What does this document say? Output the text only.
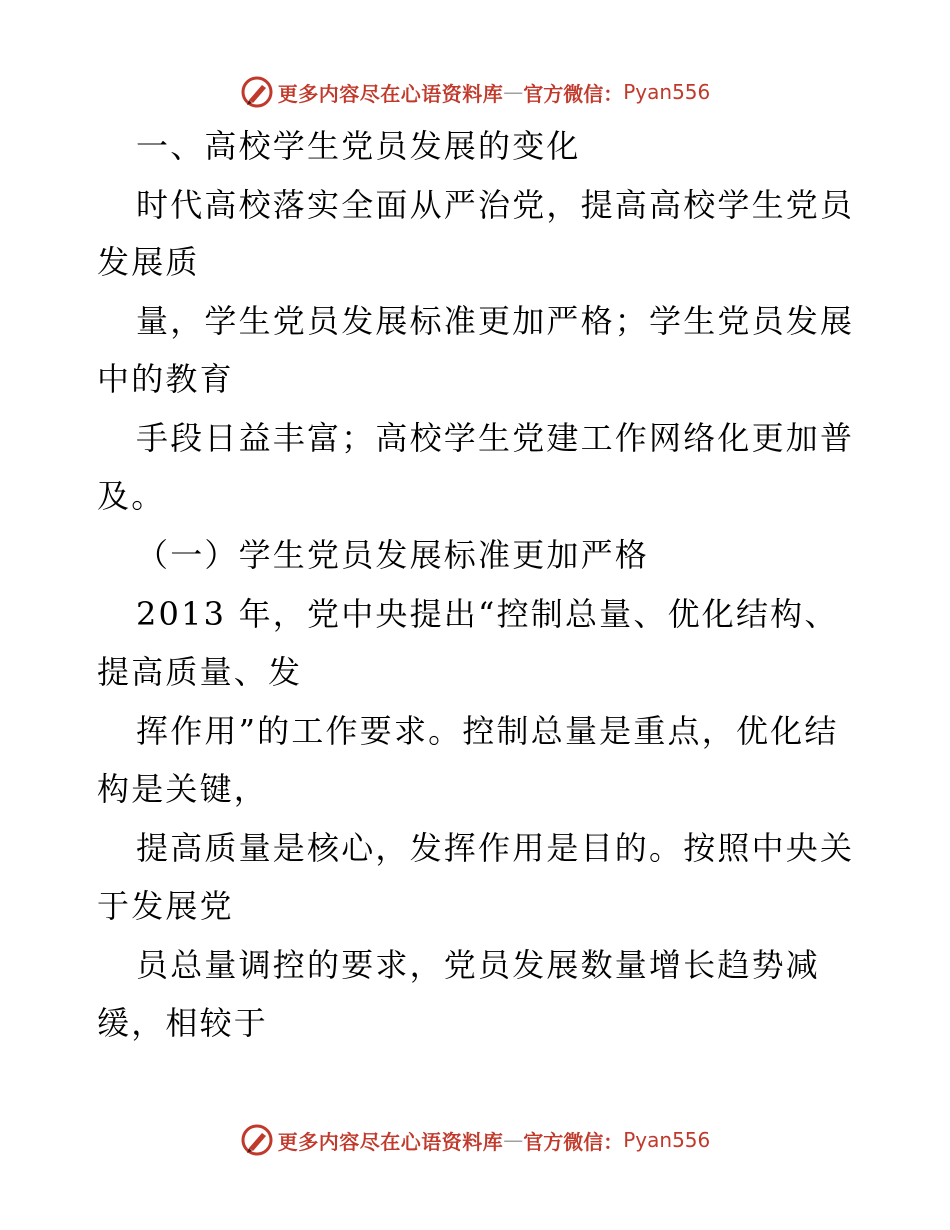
更多内容尽在心语资料库 — 官方微信： Pyan556
一、高校学生党员发展的变化
时代高校落实全面从严治党，提高高校学生党员
发展质
量，学生党员发展标准更加严格；学生党员发展
中的教育
手段日益丰富；高校学生党建工作网络化更加普
及。
（一）学生党员发展标准更加严格
2013 年，党中央提出“控制总量、优化结构、
提高质量、发
挥作用”的工作要求。控制总量是重点，优化结
构是关键，
提高质量是核心，发挥作用是目的。按照中央关
于发展党
员总量调控的要求，党员发展数量增长趋势减
缓，相较于
更多内容尽在心语资料库 — 官方微信： Pyan556
